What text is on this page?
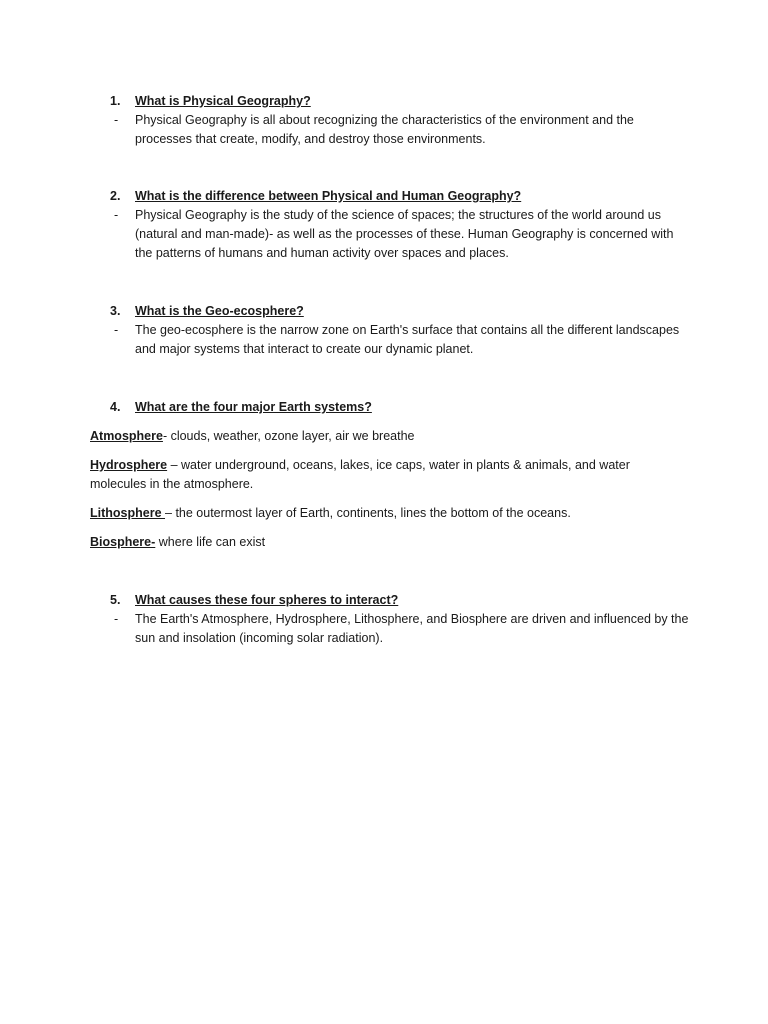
1. What is Physical Geography?
- Physical Geography is all about recognizing the characteristics of the environment and the processes that create, modify, and destroy those environments.
2. What is the difference between Physical and Human Geography?
- Physical Geography is the study of the science of spaces; the structures of the world around us (natural and man-made)- as well as the processes of these. Human Geography is concerned with the patterns of humans and human activity over spaces and places.
3. What is the Geo-ecosphere?
- The geo-ecosphere is the narrow zone on Earth's surface that contains all the different landscapes and major systems that interact to create our dynamic planet.
4. What are the four major Earth systems?
Atmosphere- clouds, weather, ozone layer, air we breathe
Hydrosphere – water underground, oceans, lakes, ice caps, water in plants & animals, and water molecules in the atmosphere.
Lithosphere – the outermost layer of Earth, continents, lines the bottom of the oceans.
Biosphere- where life can exist
5. What causes these four spheres to interact?
- The Earth's Atmosphere, Hydrosphere, Lithosphere, and Biosphere are driven and influenced by the sun and insolation (incoming solar radiation).
